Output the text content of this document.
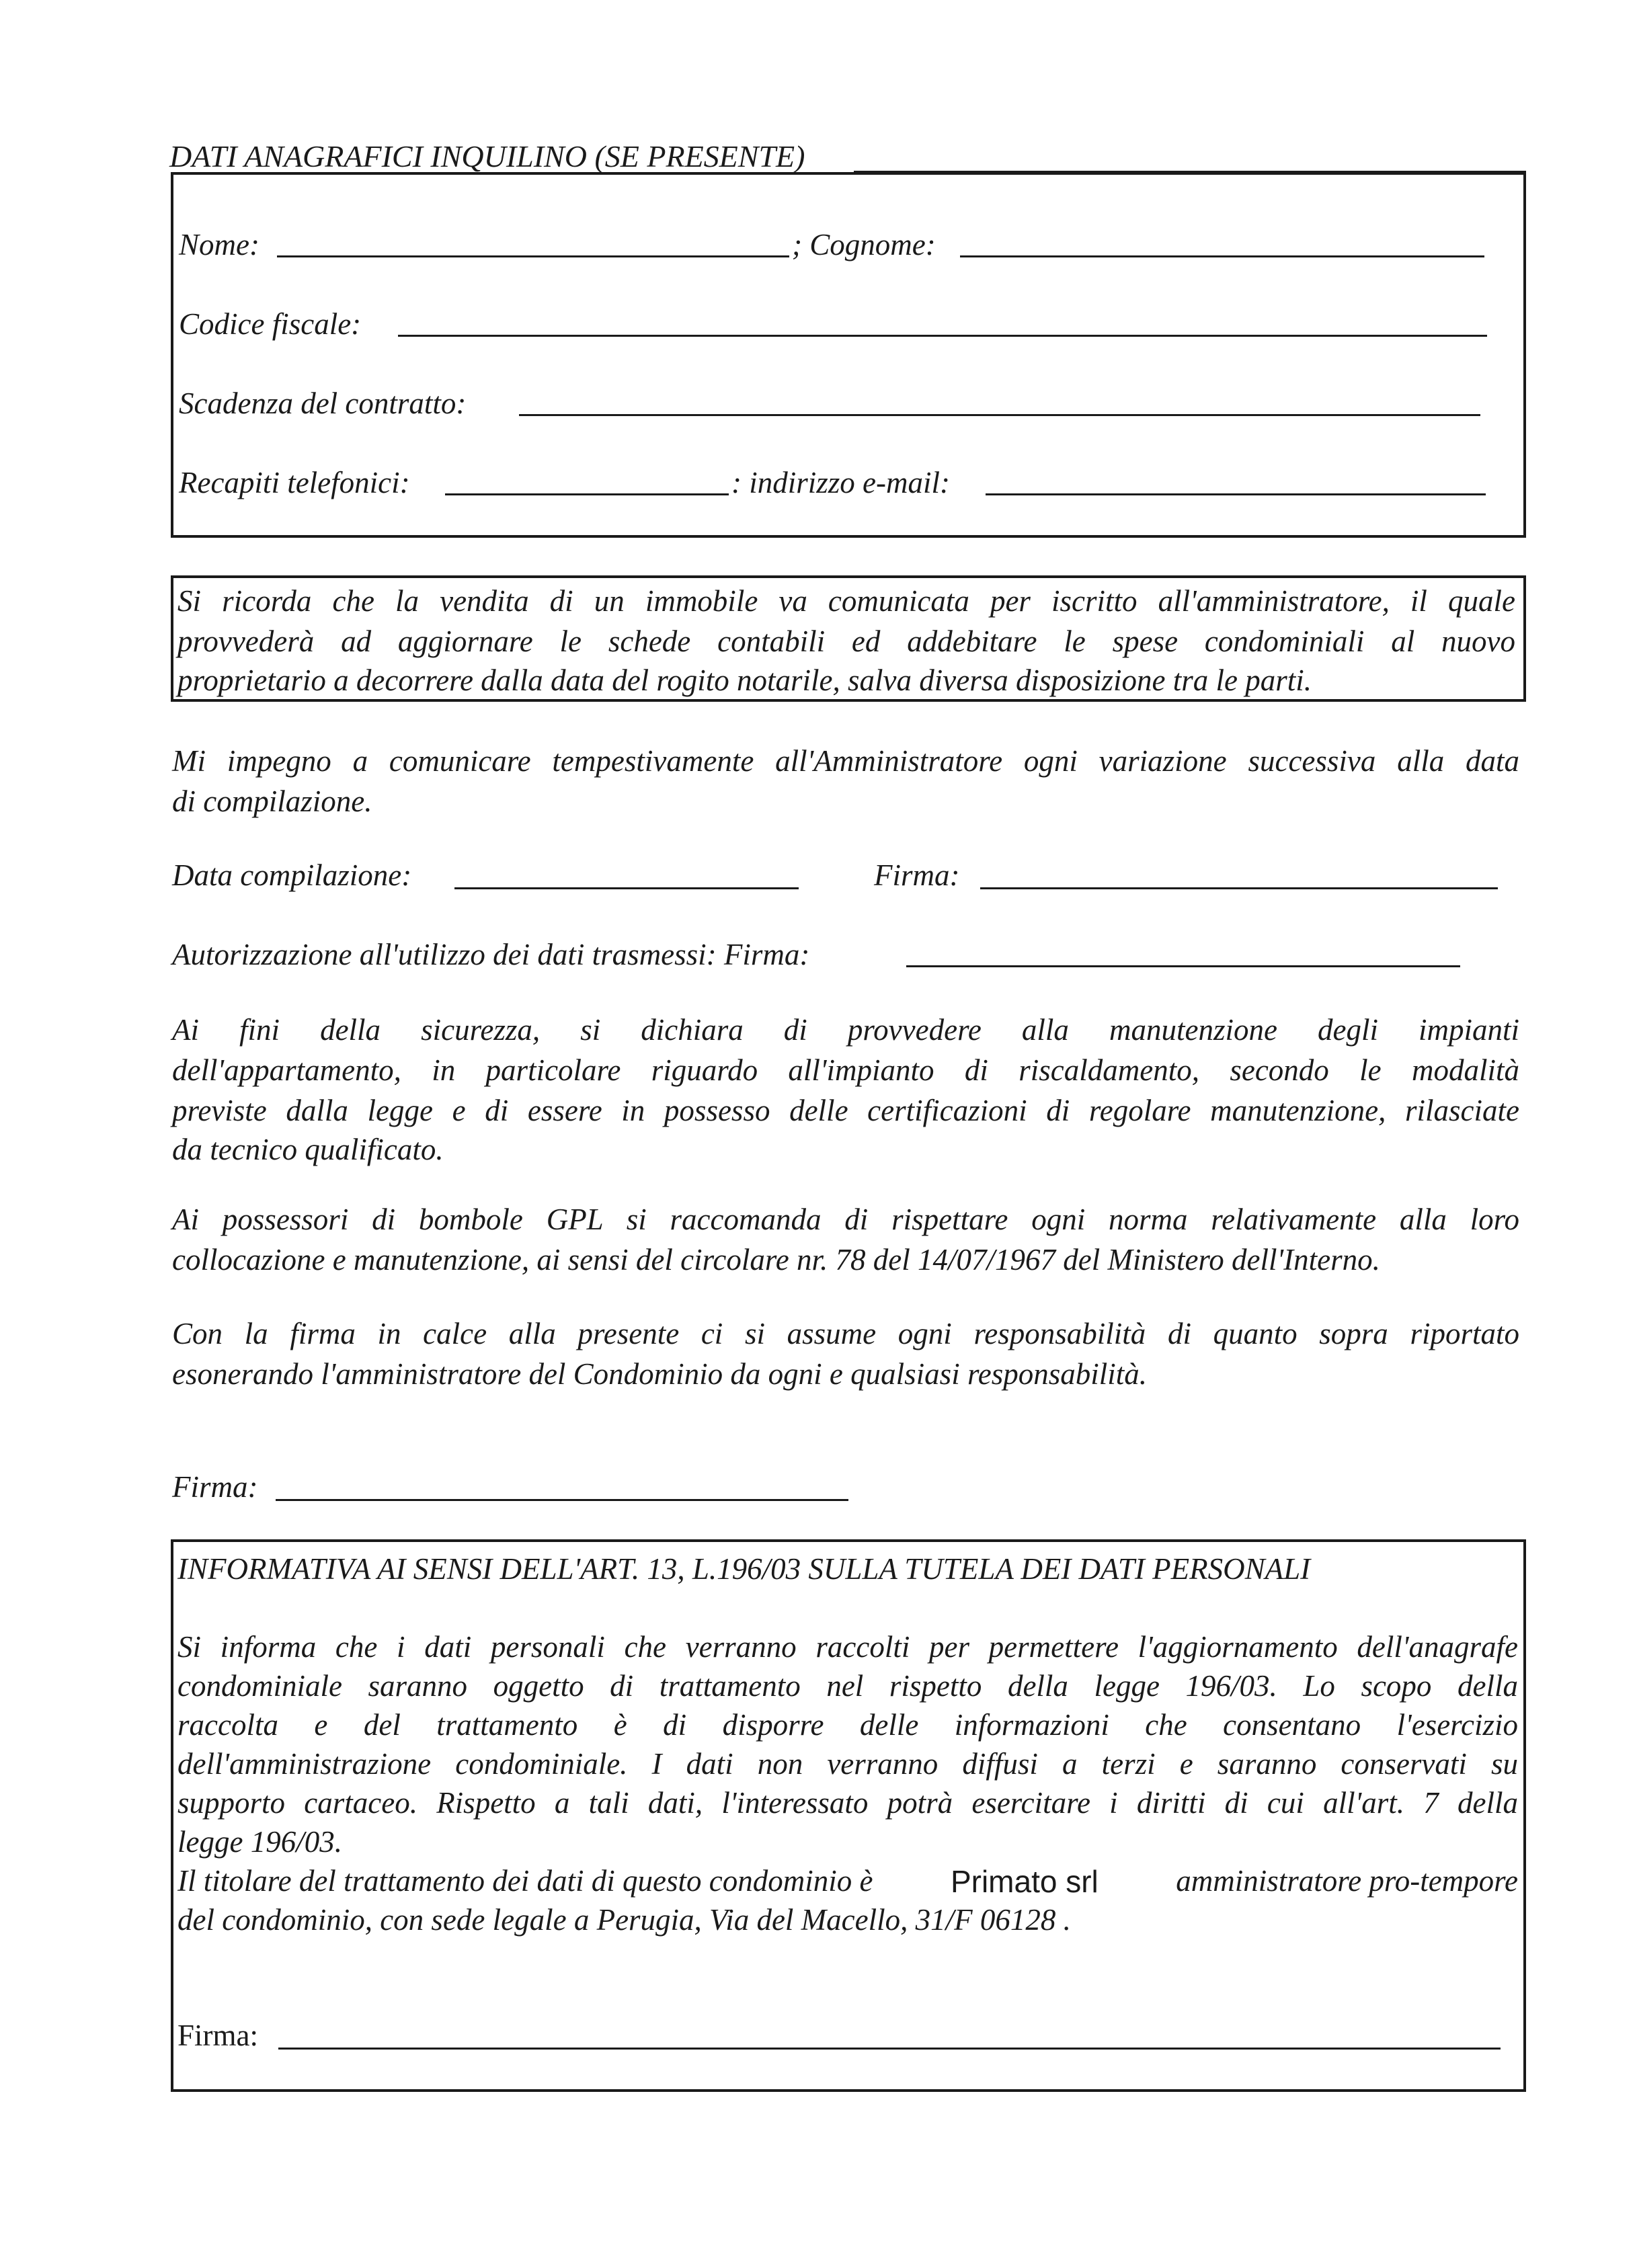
DATI ANAGRAFICI INQUILINO (SE PRESENTE)
Nome:	; Cognome:
Codice fiscale:
Scadenza del contratto:
Recapiti telefonici:	: indirizzo e-mail:
Si ricorda che la vendita di un immobile va comunicata per iscritto all'amministratore, il quale
provvederà ad aggiornare le schede contabili ed addebitare le spese condominiali al nuovo
proprietario a decorrere dalla data del rogito notarile, salva diversa disposizione tra le parti.
Mi impegno a comunicare tempestivamente all'Amministratore ogni variazione successiva alla data
di compilazione.
Data compilazione:	Firma:
Autorizzazione all'utilizzo dei dati trasmessi: Firma:
Ai fini della sicurezza, si dichiara di provvedere alla manutenzione degli impianti
dell'appartamento, in particolare riguardo all'impianto di riscaldamento, secondo le modalità
previste dalla legge e di essere in possesso delle certificazioni di regolare manutenzione, rilasciate
da tecnico qualificato.
Ai possessori di bombole GPL si raccomanda di rispettare ogni norma relativamente alla loro
collocazione e manutenzione, ai sensi del circolare nr. 78 del 14/07/1967 del Ministero dell'Interno.
Con la firma in calce alla presente ci si assume ogni responsabilità di quanto sopra riportato
esonerando l'amministratore del Condominio da ogni e qualsiasi responsabilità.
Firma:
INFORMATIVA AI SENSI DELL'ART. 13, L.196/03 SULLA TUTELA DEI DATI PERSONALI
Si informa che i dati personali che verranno raccolti per permettere l'aggiornamento dell'anagrafe
condominiale saranno oggetto di trattamento nel rispetto della legge 196/03. Lo scopo della
raccolta e del trattamento è di disporre delle informazioni che consentano l'esercizio
dell'amministrazione condominiale. I dati non verranno diffusi a terzi e saranno conservati su
supporto cartaceo. Rispetto a tali dati, l'interessato potrà esercitare i diritti di cui all'art. 7 della
legge 196/03.
Il titolare del trattamento dei dati di questo condominio è Primato srl amministratore pro-tempore
del condominio, con sede legale a Perugia, Via del Macello, 31/F 06128 .
Firma:
